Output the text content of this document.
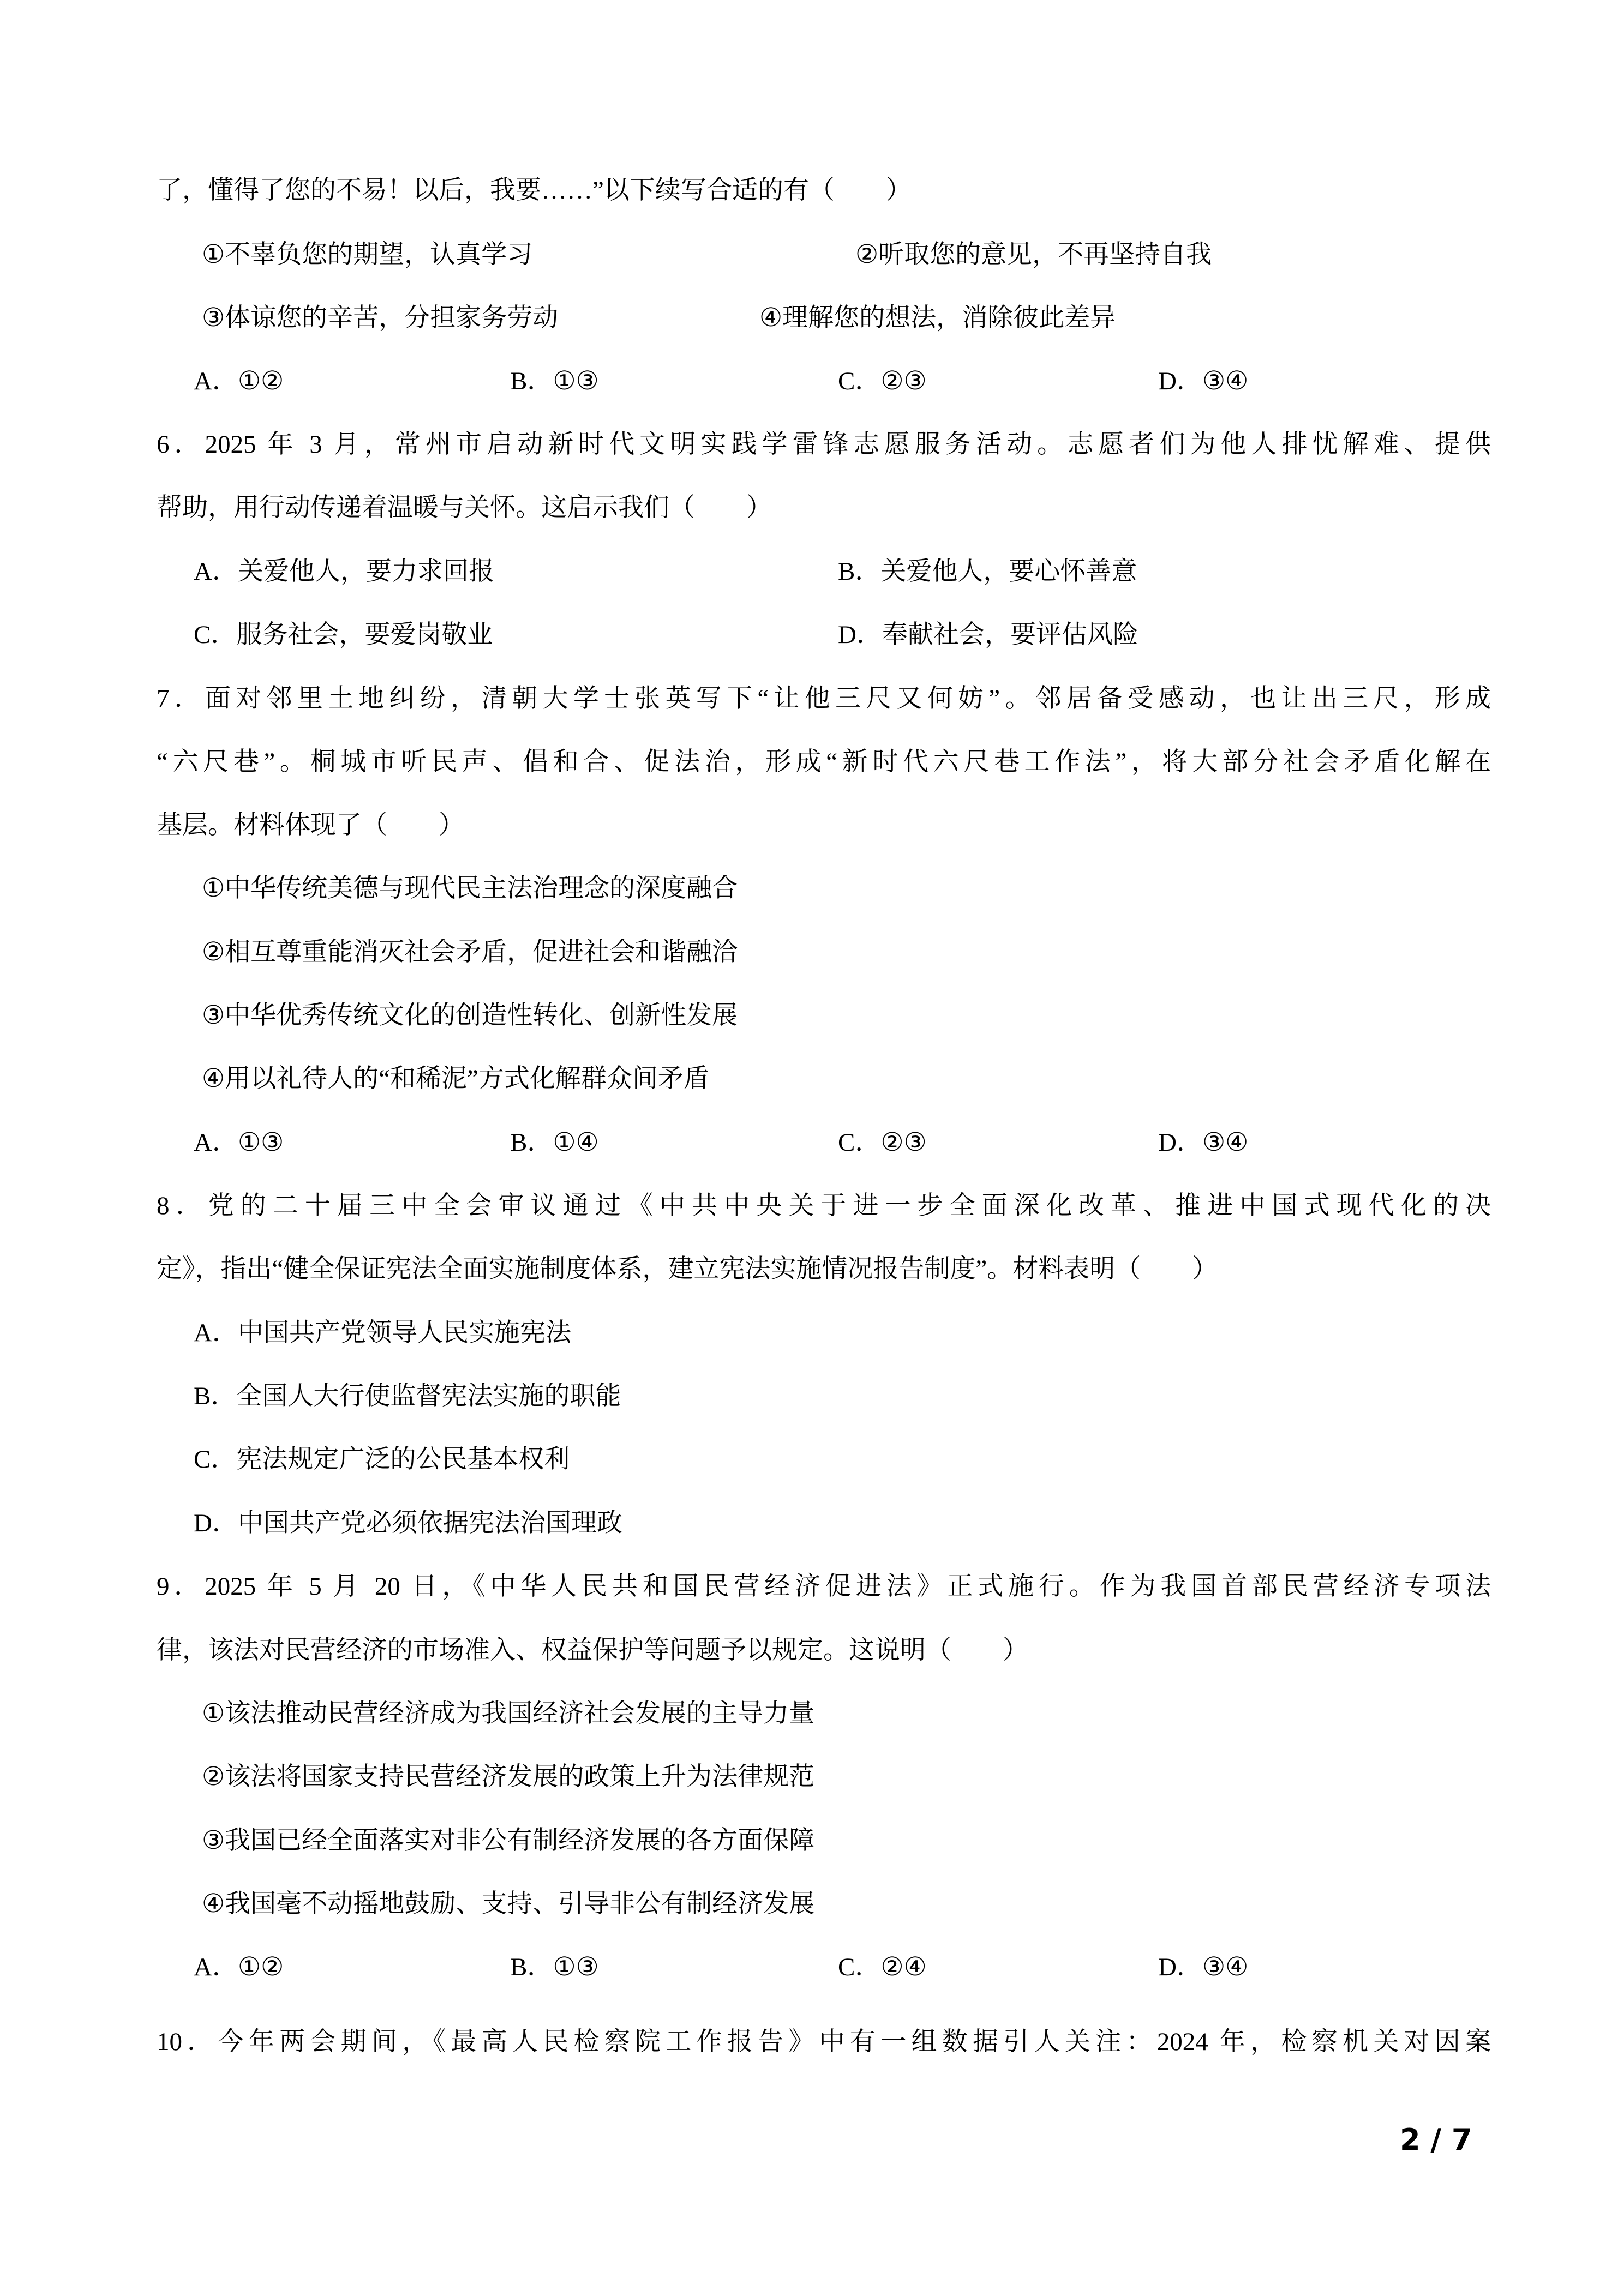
了，懂得了您的不易！以后，我要……”以下续写合适的有（　　）
①不辜负您的期望，认真学习	②听取您的意见，不再坚持自我
③体谅您的辛苦，分担家务劳动	④理解您的想法，消除彼此差异
A．①②	B．①③	C．②③	D．③④
6．2025 年 3 月，常州市启动新时代文明实践学雷锋志愿服务活动。志愿者们为他人排忧解难、提供
帮助，用行动传递着温暖与关怀。这启示我们（　　）
A．关爱他人，要力求回报	B．关爱他人，要心怀善意
C．服务社会，要爱岗敬业	D．奉献社会，要评估风险
7．面对邻里土地纠纷，清朝大学士张英写下“让他三尺又何妨”。邻居备受感动，也让出三尺，形成
“六尺巷”。桐城市听民声、倡和合、促法治，形成“新时代六尺巷工作法”，将大部分社会矛盾化解在
基层。材料体现了（　　）
①中华传统美德与现代民主法治理念的深度融合
②相互尊重能消灭社会矛盾，促进社会和谐融洽
③中华优秀传统文化的创造性转化、创新性发展
④用以礼待人的“和稀泥”方式化解群众间矛盾
A．①③	B．①④	C．②③	D．③④
8．党的二十届三中全会审议通过《中共中央关于进一步全面深化改革、推进中国式现代化的决
定》，指出“健全保证宪法全面实施制度体系，建立宪法实施情况报告制度”。材料表明（　　）
A．中国共产党领导人民实施宪法
B．全国人大行使监督宪法实施的职能
C．宪法规定广泛的公民基本权利
D．中国共产党必须依据宪法治国理政
9．2025 年 5 月 20 日，《中华人民共和国民营经济促进法》正式施行。作为我国首部民营经济专项法
律，该法对民营经济的市场准入、权益保护等问题予以规定。这说明（　　）
①该法推动民营经济成为我国经济社会发展的主导力量
②该法将国家支持民营经济发展的政策上升为法律规范
③我国已经全面落实对非公有制经济发展的各方面保障
④我国毫不动摇地鼓励、支持、引导非公有制经济发展
A．①②	B．①③	C．②④	D．③④
10．今年两会期间，《最高人民检察院工作报告》中有一组数据引人关注：2024 年，检察机关对因案
2 / 7
